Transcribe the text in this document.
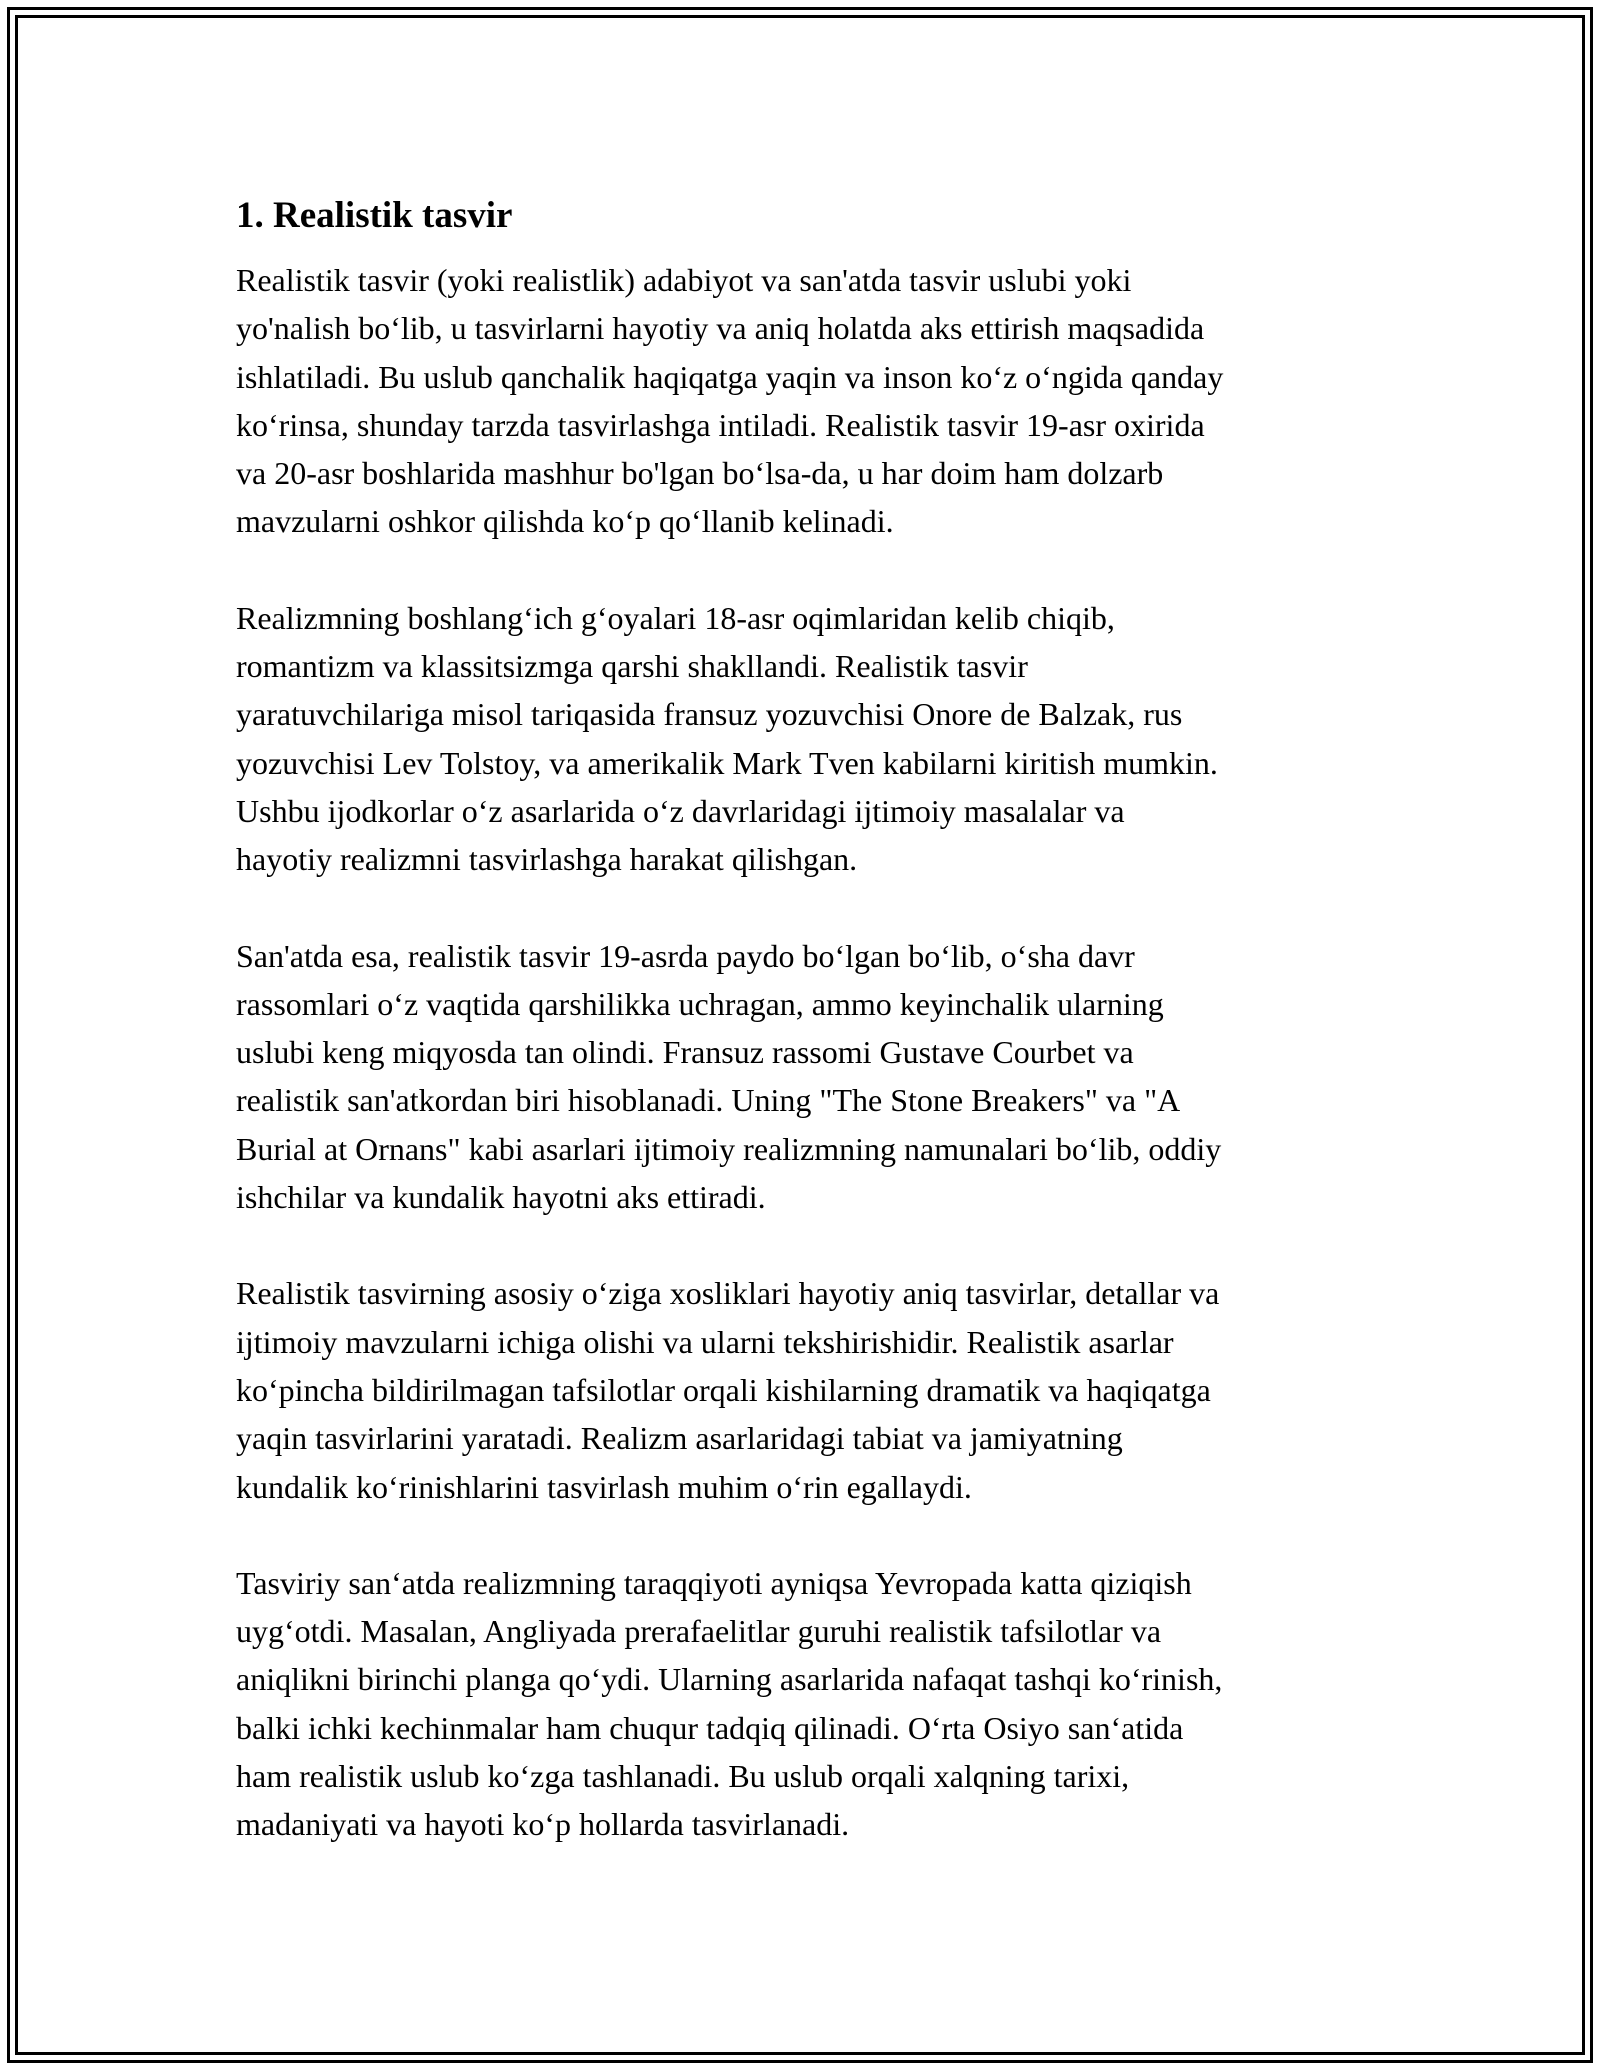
1. Realistik tasvir

Realistik tasvir (yoki realistlik) adabiyot va san'atda tasvir uslubi yoki
yo'nalish bo‘lib, u tasvirlarni hayotiy va aniq holatda aks ettirish maqsadida
ishlatiladi. Bu uslub qanchalik haqiqatga yaqin va inson ko‘z o‘ngida qanday
ko‘rinsa, shunday tarzda tasvirlashga intiladi. Realistik tasvir 19-asr oxirida
va 20-asr boshlarida mashhur bo'lgan bo‘lsa-da, u har doim ham dolzarb
mavzularni oshkor qilishda ko‘p qo‘llanib kelinadi.

Realizmning boshlang‘ich g‘oyalari 18-asr oqimlaridan kelib chiqib,
romantizm va klassitsizmga qarshi shakllandi. Realistik tasvir
yaratuvchilariga misol tariqasida fransuz yozuvchisi Onore de Balzak, rus
yozuvchisi Lev Tolstoy, va amerikalik Mark Tven kabilarni kiritish mumkin.
Ushbu ijodkorlar o‘z asarlarida o‘z davrlaridagi ijtimoiy masalalar va
hayotiy realizmni tasvirlashga harakat qilishgan.

San'atda esa, realistik tasvir 19-asrda paydo bo‘lgan bo‘lib, o‘sha davr
rassomlari o‘z vaqtida qarshilikka uchragan, ammo keyinchalik ularning
uslubi keng miqyosda tan olindi. Fransuz rassomi Gustave Courbet va
realistik san'atkordan biri hisoblanadi. Uning "The Stone Breakers" va "A
Burial at Ornans" kabi asarlari ijtimoiy realizmning namunalari bo‘lib, oddiy
ishchilar va kundalik hayotni aks ettiradi.

Realistik tasvirning asosiy o‘ziga xosliklari hayotiy aniq tasvirlar, detallar va
ijtimoiy mavzularni ichiga olishi va ularni tekshirishidir. Realistik asarlar
ko‘pincha bildirilmagan tafsilotlar orqali kishilarning dramatik va haqiqatga
yaqin tasvirlarini yaratadi. Realizm asarlaridagi tabiat va jamiyatning
kundalik ko‘rinishlarini tasvirlash muhim o‘rin egallaydi.

Tasviriy san‘atda realizmning taraqqiyoti ayniqsa Yevropada katta qiziqish
uyg‘otdi. Masalan, Angliyada prerafaelitlar guruhi realistik tafsilotlar va
aniqlikni birinchi planga qo‘ydi. Ularning asarlarida nafaqat tashqi ko‘rinish,
balki ichki kechinmalar ham chuqur tadqiq qilinadi. O‘rta Osiyo san‘atida
ham realistik uslub ko‘zga tashlanadi. Bu uslub orqali xalqning tarixi,
madaniyati va hayoti ko‘p hollarda tasvirlanadi.
